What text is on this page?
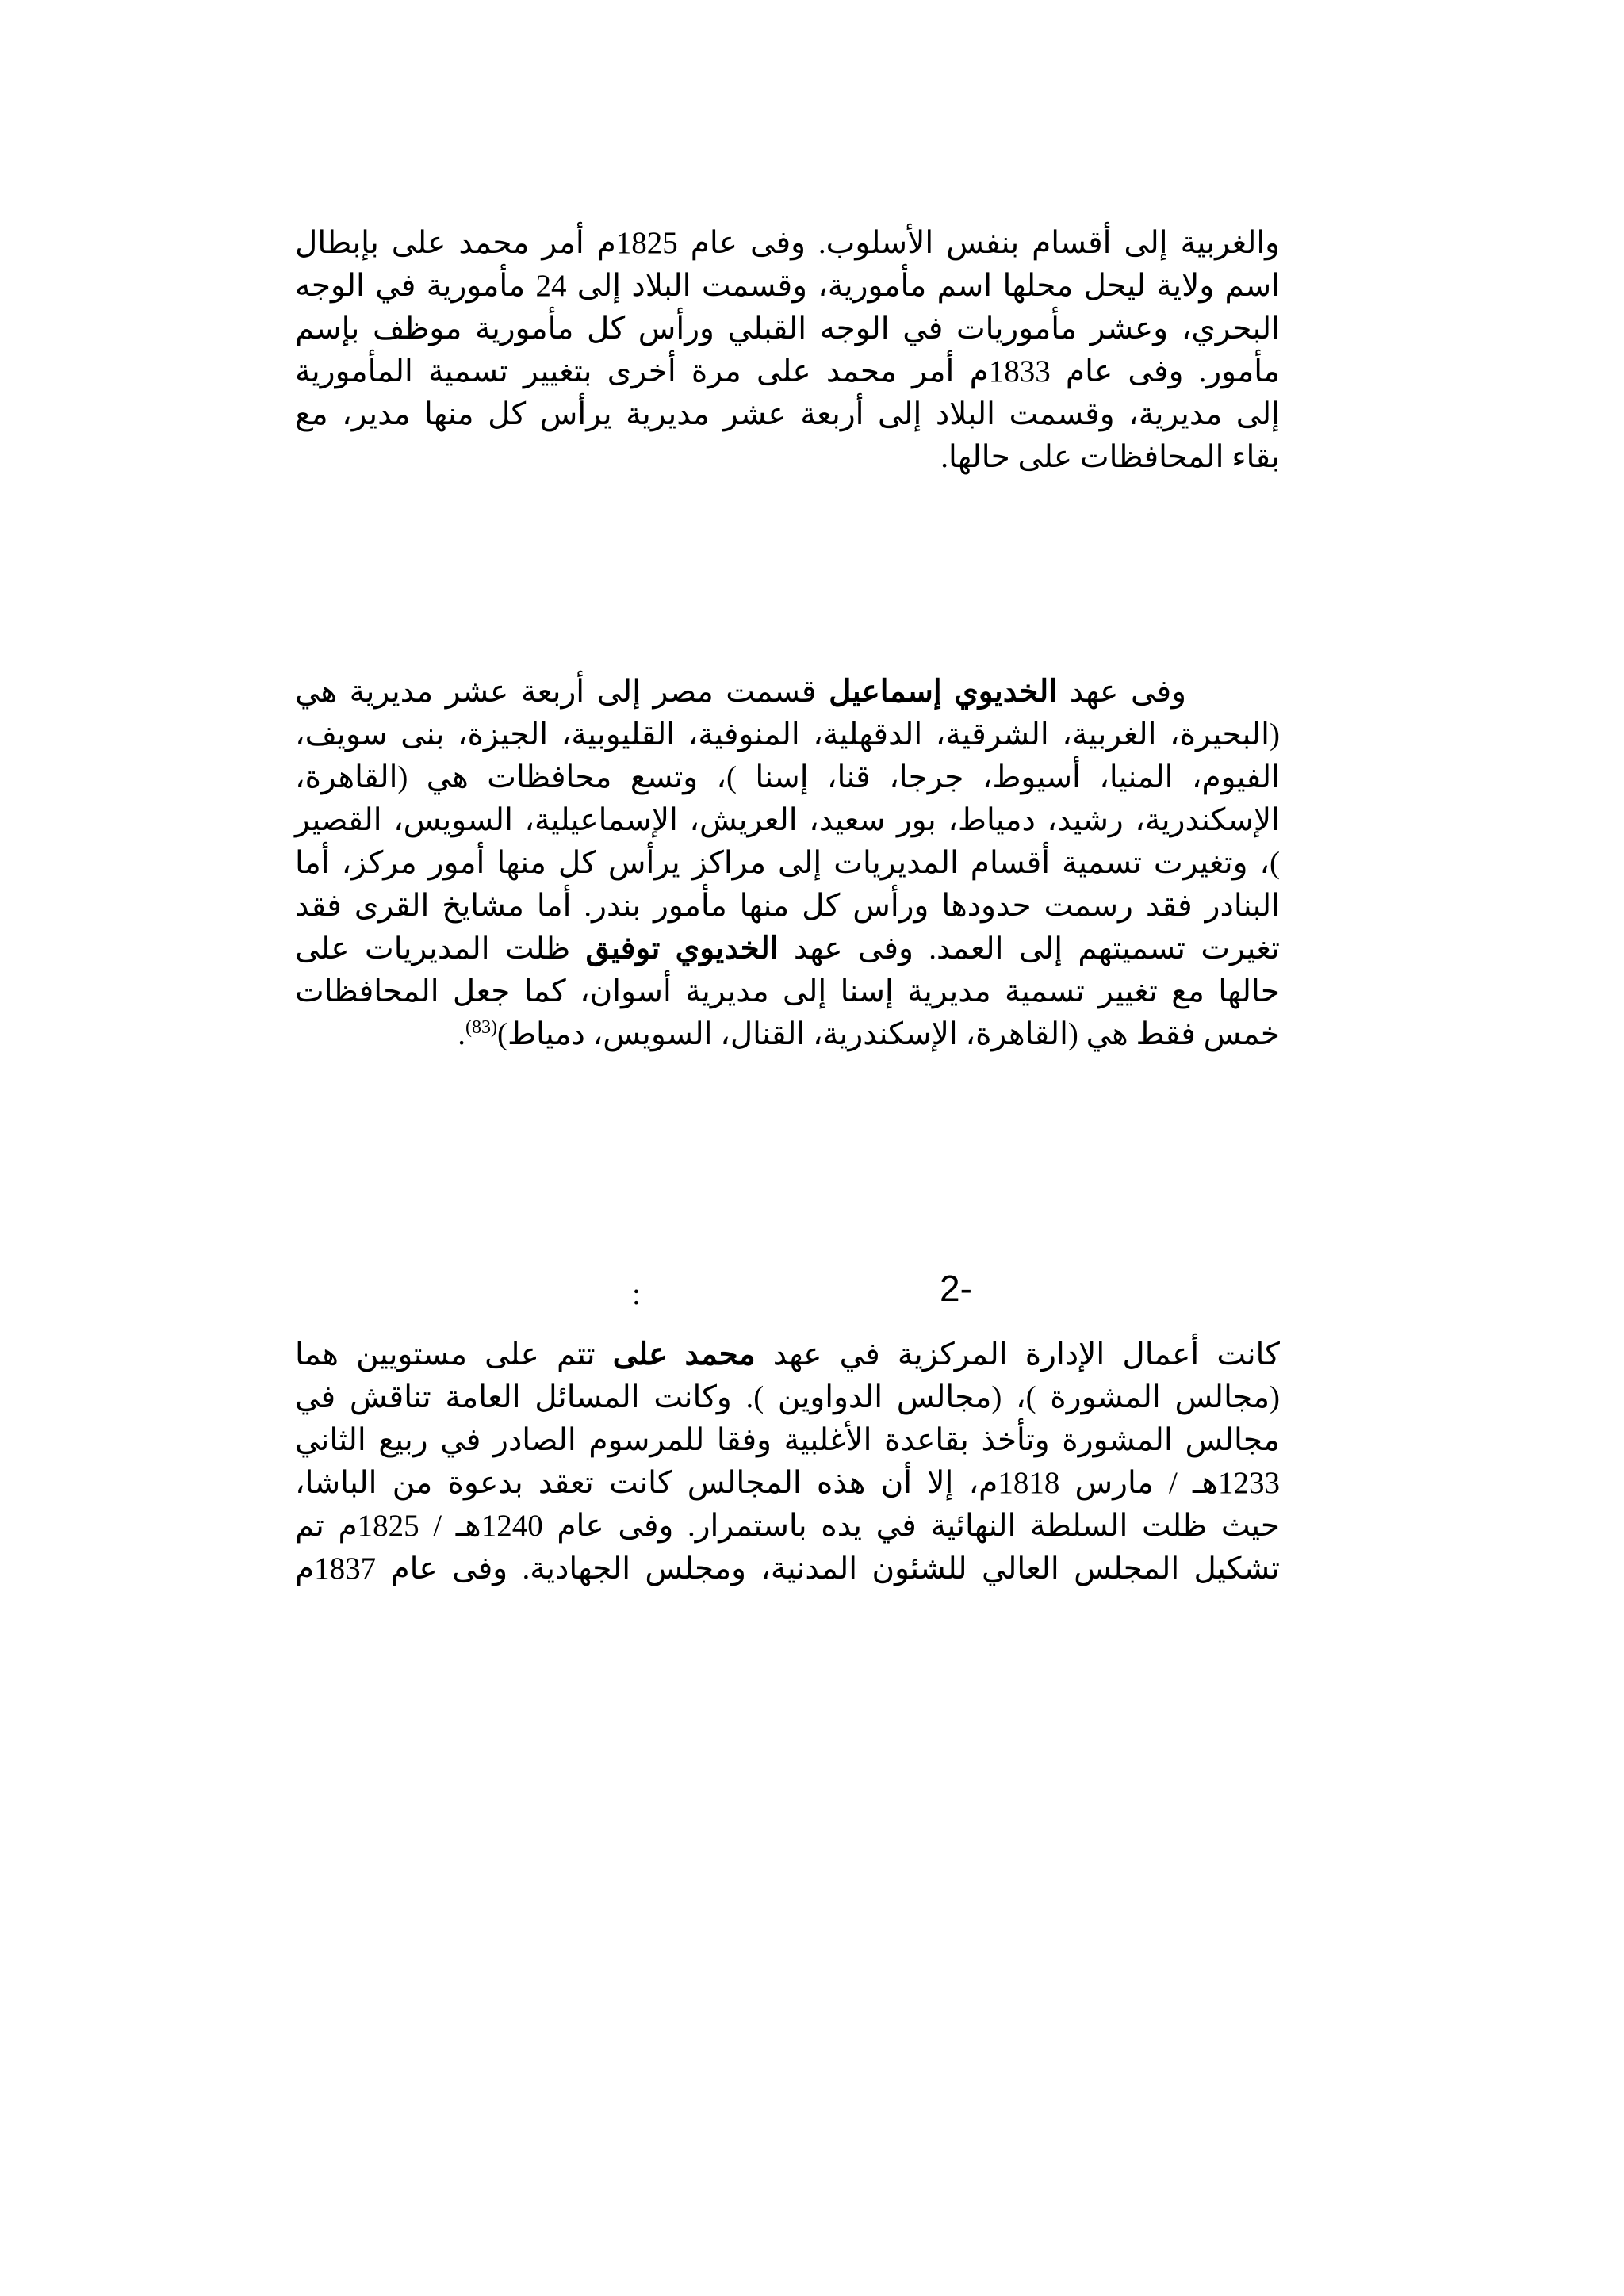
والغربية إلى أقسام بنفس الأسلوب. وفى عام 1825م أمر محمد على بإبطال
اسم ولاية ليحل محلها اسم مأمورية، وقسمت البلاد إلى 24 مأمورية في الوجه
البحري، وعشر مأموريات في الوجه القبلي ورأس كل مأمورية موظف بإسم
مأمور. وفى عام 1833م أمر محمد على مرة أخرى بتغيير تسمية المأمورية
إلى مديرية، وقسمت البلاد إلى أربعة عشر مديرية يرأس كل منها مدير، مع
بقاء المحافظات على حالها.
وفى عهد الخديوي إسماعيل قسمت مصر إلى أربعة عشر مديرية هي
(البحيرة، الغربية، الشرقية، الدقهلية، المنوفية، القليوبية، الجيزة، بنى سويف،
الفيوم، المنيا، أسيوط، جرجا، قنا، إسنا )، وتسع محافظات هي (القاهرة،
الإسكندرية، رشيد، دمياط، بور سعيد، العريش، الإسماعيلية، السويس، القصير
)، وتغيرت تسمية أقسام المديريات إلى مراكز يرأس كل منها أمور مركز، أما
البنادر فقد رسمت حدودها ورأس كل منها مأمور بندر. أما مشايخ القرى فقد
تغيرت تسميتهم إلى العمد. وفى عهد الخديوي توفيق ظلت المديريات على
حالها مع تغيير تسمية مديرية إسنا إلى مديرية أسوان، كما جعل المحافظات
خمس فقط هي (القاهرة، الإسكندرية، القنال، السويس، دمياط)$^{(83)}$.
2-
:
كانت أعمال الإدارة المركزية في عهد محمد على تتم على مستويين هما
(مجالس المشورة )، (مجالس الدواوين ). وكانت المسائل العامة تناقش في
مجالس المشورة وتأخذ بقاعدة الأغلبية وفقا للمرسوم الصادر في ربيع الثاني
1233هـ / مارس 1818م، إلا أن هذه المجالس كانت تعقد بدعوة من الباشا،
حيث ظلت السلطة النهائية في يده باستمرار. وفى عام 1240هـ / 1825م تم
تشكيل المجلس العالي للشئون المدنية، ومجلس الجهادية. وفى عام 1837م
